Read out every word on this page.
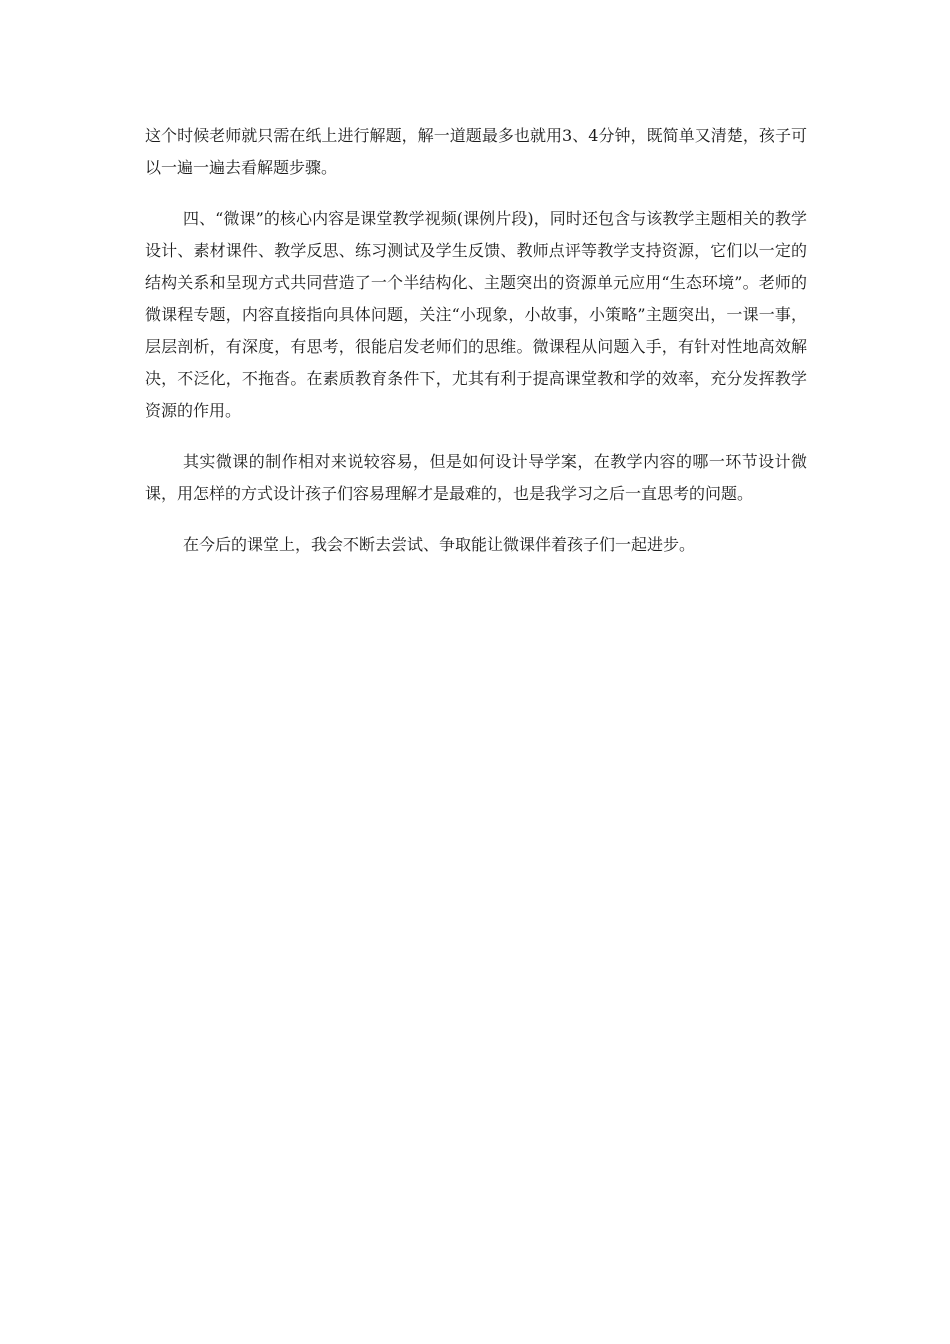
这个时候老师就只需在纸上进行解题，解一道题最多也就用3、4分钟，既简单又清楚，孩子可以一遍一遍去看解题步骤。

四、“微课”的核心内容是课堂教学视频(课例片段)，同时还包含与该教学主题相关的教学设计、素材课件、教学反思、练习测试及学生反馈、教师点评等教学支持资源，它们以一定的结构关系和呈现方式共同营造了一个半结构化、主题突出的资源单元应用“生态环境”。老师的微课程专题，内容直接指向具体问题，关注“小现象，小故事，小策略”主题突出，一课一事，层层剖析，有深度，有思考，很能启发老师们的思维。微课程从问题入手，有针对性地高效解决，不泛化，不拖沓。在素质教育条件下，尤其有利于提高课堂教和学的效率，充分发挥教学资源的作用。

其实微课的制作相对来说较容易，但是如何设计导学案，在教学内容的哪一环节设计微课，用怎样的方式设计孩子们容易理解才是最难的，也是我学习之后一直思考的问题。

在今后的课堂上，我会不断去尝试、争取能让微课伴着孩子们一起进步。
